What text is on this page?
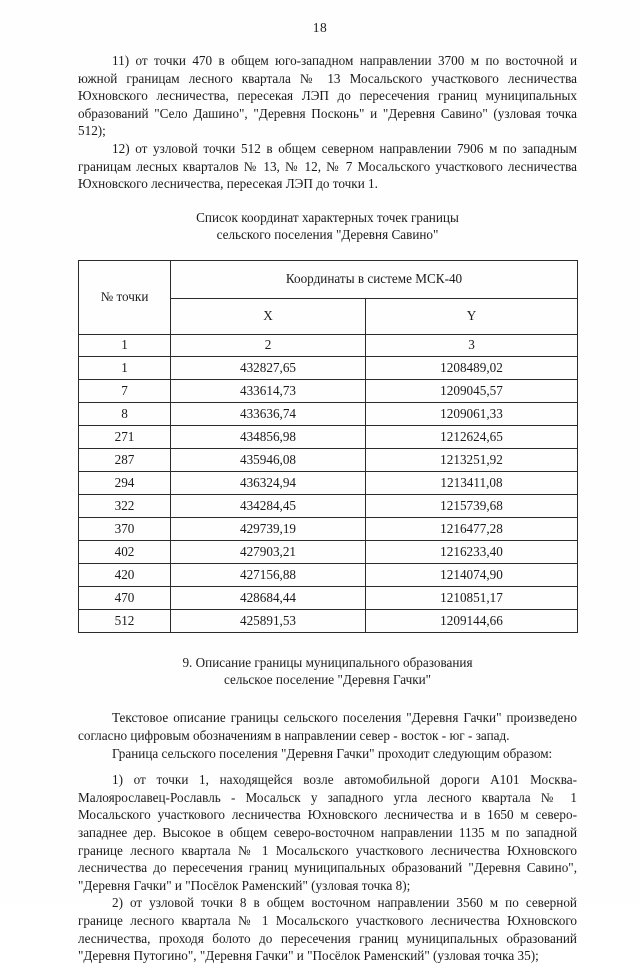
18

11) от точки 470 в общем юго-западном направлении 3700 м по восточной и южной границам лесного квартала № 13 Мосальского участкового лесничества Юхновского лесничества, пересекая ЛЭП до пересечения границ муниципальных образований "Село Дашино", "Деревня Посконь" и "Деревня Савино" (узловая точка 512);

12) от узловой точки 512 в общем северном направлении 7906 м по западным границам лесных кварталов № 13, № 12, № 7 Мосальского участкового лесничества Юхновского лесничества, пересекая ЛЭП до точки 1.

Список координат характерных точек границы
сельского поселения "Деревня Савино"
№ точки	Координаты в системе МСК-40	
	X	Y
1	2	3
1	432827,65	1208489,02
7	433614,73	1209045,57
8	433636,74	1209061,33
271	434856,98	1212624,65
287	435946,08	1213251,92
294	436324,94	1213411,08
322	434284,45	1215739,68
370	429739,19	1216477,28
402	427903,21	1216233,40
420	427156,88	1214074,90
470	428684,44	1210851,17
512	425891,53	1209144,66
9. Описание границы муниципального образования
сельское поселение "Деревня Гачки"

Текстовое описание границы сельского поселения "Деревня Гачки" произведено согласно цифровым обозначениям в направлении север - восток - юг - запад.

Граница сельского поселения "Деревня Гачки" проходит следующим образом:

1) от точки 1, находящейся возле автомобильной дороги А101 Москва-Малоярославец-Рославль - Мосальск у западного угла лесного квартала № 1 Мосальского участкового лесничества Юхновского лесничества и в 1650 м северо-западнее дер. Высокое в общем северо-восточном направлении 1135 м по западной границе лесного квартала № 1 Мосальского участкового лесничества Юхновского лесничества до пересечения границ муниципальных образований "Деревня Савино", "Деревня Гачки" и "Посёлок Раменский" (узловая точка 8);

2) от узловой точки 8 в общем восточном направлении 3560 м по северной границе лесного квартала № 1 Мосальского участкового лесничества Юхновского лесничества, проходя болото до пересечения границ муниципальных образований "Деревня Путогино", "Деревня Гачки" и "Посёлок Раменский" (узловая точка 35);
